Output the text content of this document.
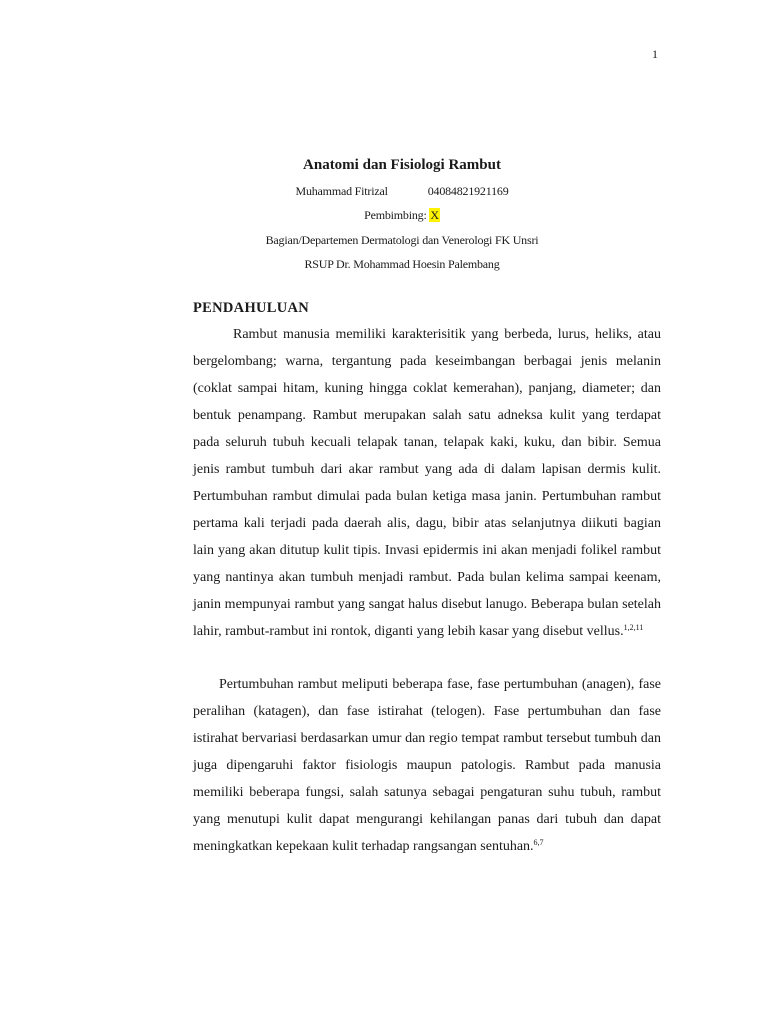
1
Anatomi dan Fisiologi Rambut
Muhammad Fitrizal	04084821921169
Pembimbing: X
Bagian/Departemen Dermatologi dan Venerologi FK Unsri
RSUP Dr. Mohammad Hoesin Palembang
PENDAHULUAN

Rambut manusia memiliki karakterisitik yang berbeda, lurus, heliks, atau bergelombang; warna, tergantung pada keseimbangan berbagai jenis melanin (coklat sampai hitam, kuning hingga coklat kemerahan), panjang, diameter; dan bentuk penampang. Rambut merupakan salah satu adneksa kulit yang terdapat pada seluruh tubuh kecuali telapak tanan, telapak kaki, kuku, dan bibir. Semua jenis rambut tumbuh dari akar rambut yang ada di dalam lapisan dermis kulit. Pertumbuhan rambut dimulai pada bulan ketiga masa janin. Pertumbuhan rambut pertama kali terjadi pada daerah alis, dagu, bibir atas selanjutnya diikuti bagian lain yang akan ditutup kulit tipis. Invasi epidermis ini akan menjadi folikel rambut yang nantinya akan tumbuh menjadi rambut. Pada bulan kelima sampai keenam, janin mempunyai rambut yang sangat halus disebut lanugo. Beberapa bulan setelah lahir, rambut-rambut ini rontok, diganti yang lebih kasar yang disebut vellus.$^{1,2,11}$

Pertumbuhan rambut meliputi beberapa fase, fase pertumbuhan (anagen), fase peralihan (katagen), dan fase istirahat (telogen). Fase pertumbuhan dan fase istirahat bervariasi berdasarkan umur dan regio tempat rambut tersebut tumbuh dan juga dipengaruhi faktor fisiologis maupun patologis. Rambut pada manusia memiliki beberapa fungsi, salah satunya sebagai pengaturan suhu tubuh, rambut yang menutupi kulit dapat mengurangi kehilangan panas dari tubuh dan dapat meningkatkan kepekaan kulit terhadap rangsangan sentuhan.$^{6,7}$
